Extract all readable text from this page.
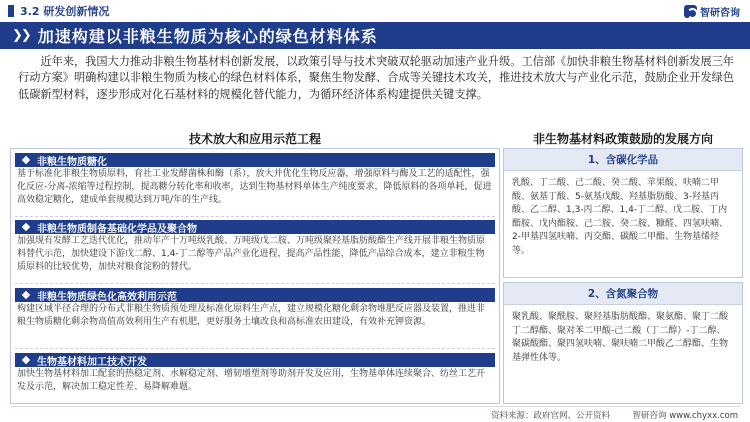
3.2 研发创新情况	智研咨询
❯❯ 加速构建以非粮生物质为核心的绿色材料体系

近年来，我国大力推动非粮生物基材料创新发展，以政策引导与技术突破双轮驱动加速产业升级。工信部《加快非粮生物基材料创新发展三年行动方案》明确构建以非粮生物质为核心的绿色材料体系，聚焦生物发酵、合成等关键技术攻关，推进技术放大与产业化示范，鼓励企业开发绿色低碳新型材料，逐步形成对化石基材料的规模化替代能力，为循环经济体系构建提供关键支撑。

技术放大和应用示范工程	非生物基材料政策鼓励的发展方向
非粮生物质糖化
基于标准化非粮生物质原料，育社工业发酵菌株和酶（系），放大并优化生物反应器，增强原料与酶及工艺的适配性，强化反应-分离-浓缩等过程控制，提高糖分转化率和收率，达到生物基材料单体生产纯度要求，降低原料的各项单耗，促进高效稳定糖化，建成单套规模达到万吨/年的生产线。
非粮生物质制备基础化学品及聚合物
加强现有发酵工艺迭代优化，推动年产十万吨级乳酸、万吨级戊二胺、万吨级聚羟基脂肪酸酯生产线开展非粮生物质原料替代示范，加快建设下游戊二醇、1,4-丁二醇等产品产业化进程，提高产品性能，降低产品综合成本，建立非粮生物质原料的比较优势，加快对粮食淀粉的替代。
非粮生物质绿色化高效利用示范
构建区域半径合理的分布式非粮生物质预处理及标准化原料生产点，建立规模化糖化剩余物堆肥反应器及装置，推进非粮生物质糖化剩余物高值高效利用生产有机肥，更好服务土壤改良和高标准农田建设，有效补充钾资源。
生物基材料加工技术开发
加快生物基材料加工配套的热稳定剂、水解稳定剂、增韧增塑剂等助剂开发及应用，生物基单体连续聚合、纺丝工艺开发及示范，解决加工稳定性差、易降解难题。
1、含碳化学品
乳酸、丁二酸、己二酸、癸二酸、苹果酸、呋喃二甲酸、氨基丁酸、5-氨基戊酸、羟基脂肪酸、3-羟基丙酸、乙二醇、1,3-丙二醇、1,4-丁二醇、戊二胺、丁内酯胺、戊内酯胺、己二胺、癸二胺、糠醛、四氢呋喃、2-甲基四氢呋喃、丙交酯、碳酸二甲酯、生物基烯烃等。
2、含氮聚合物
聚乳酸、聚酰胺、聚羟基脂肪酸酯、聚氨酯、聚丁二酸丁二醇酯、聚对苯二甲酸-己二酸（丁二醇）-丁二醇、聚碳酸酯、聚四氢呋喃、聚呋喃二甲酸乙二醇酯、生物基弹性体等。
资料来源：政府官网、公开资料	智研咨询 www.chyxx.com
